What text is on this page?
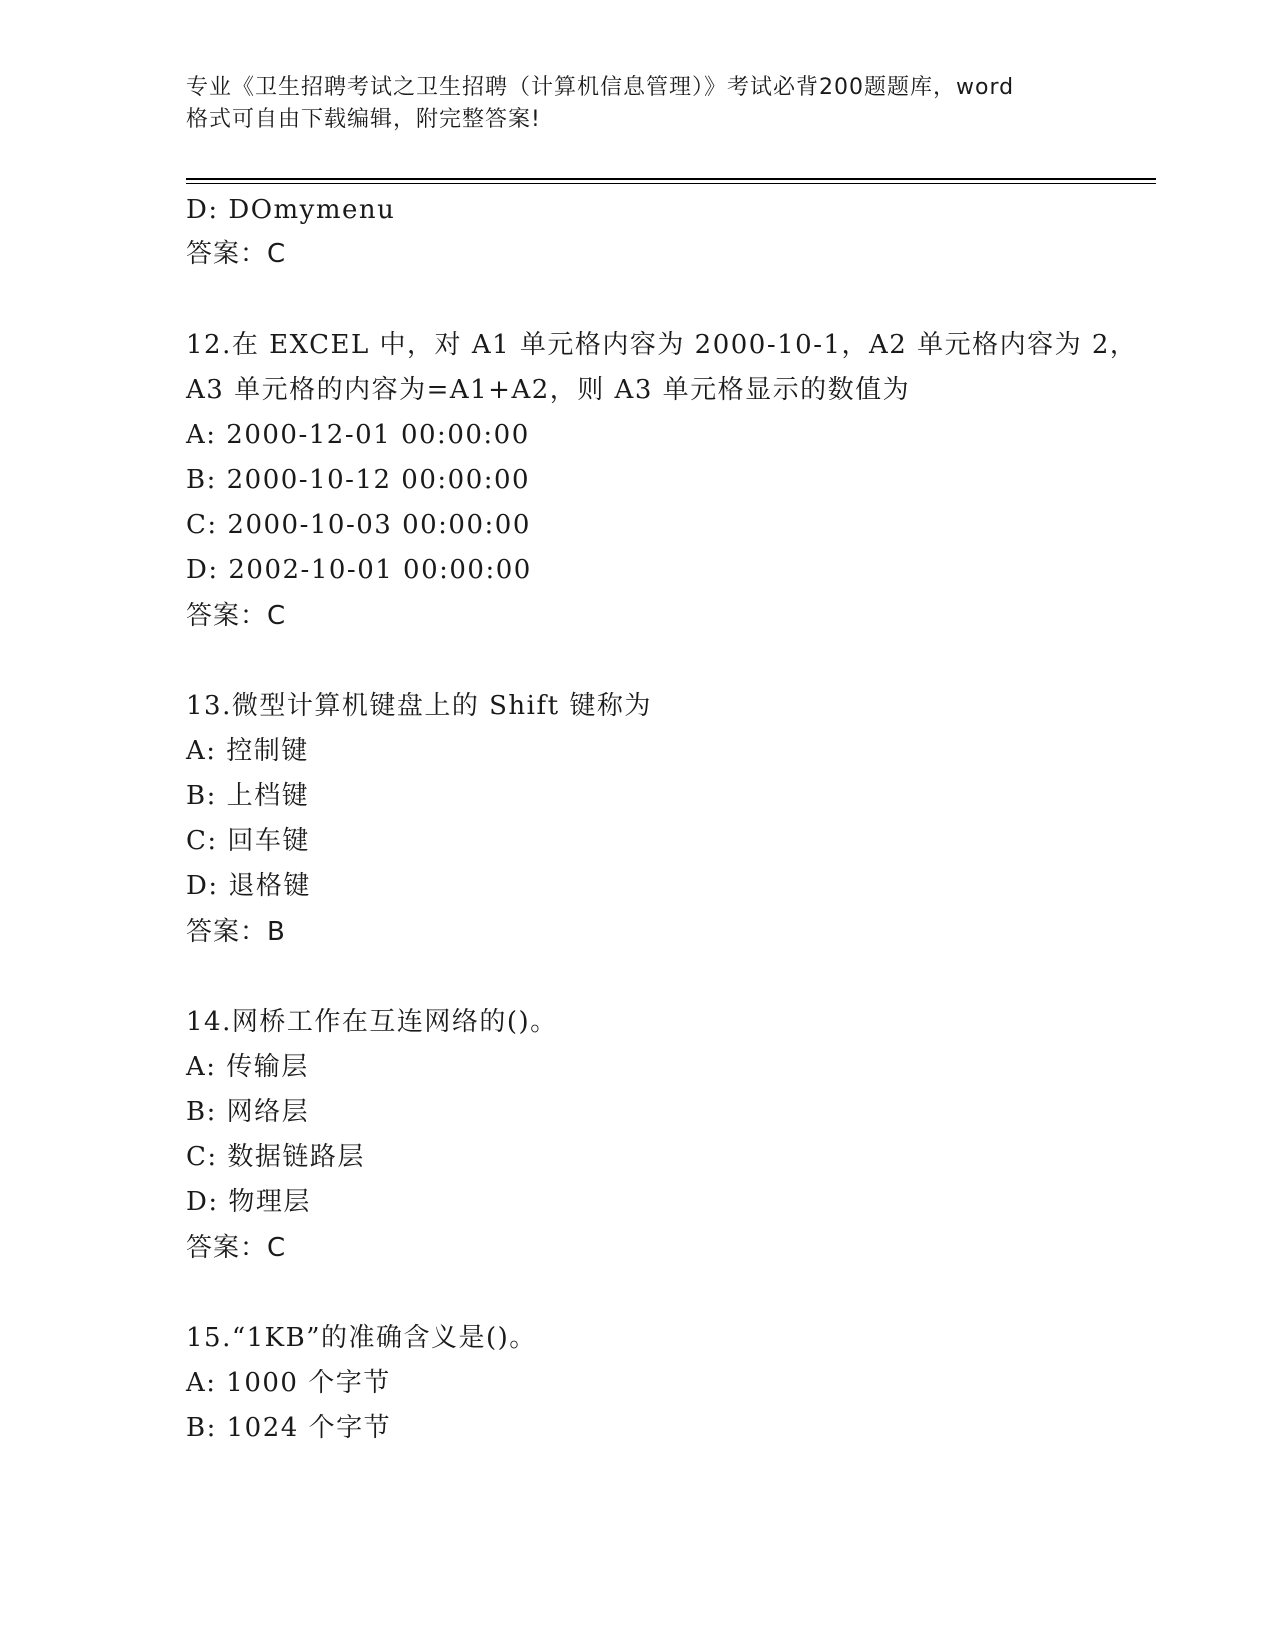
专业《卫生招聘考试之卫生招聘（计算机信息管理）》考试必背200题题库，word
格式可自由下载编辑，附完整答案!
D: DOmymenu
答案：C
12.在 EXCEL 中，对 A1 单元格内容为 2000-10-1，A2 单元格内容为 2，
A3 单元格的内容为=A1+A2，则 A3 单元格显示的数值为
A: 2000-12-01 00:00:00
B: 2000-10-12 00:00:00
C: 2000-10-03 00:00:00
D: 2002-10-01 00:00:00
答案：C
13.微型计算机键盘上的 Shift 键称为
A: 控制键
B: 上档键
C: 回车键
D: 退格键
答案：B
14.网桥工作在互连网络的()。
A: 传输层
B: 网络层
C: 数据链路层
D: 物理层
答案：C
15.“1KB”的准确含义是()。
A: 1000 个字节
B: 1024 个字节
